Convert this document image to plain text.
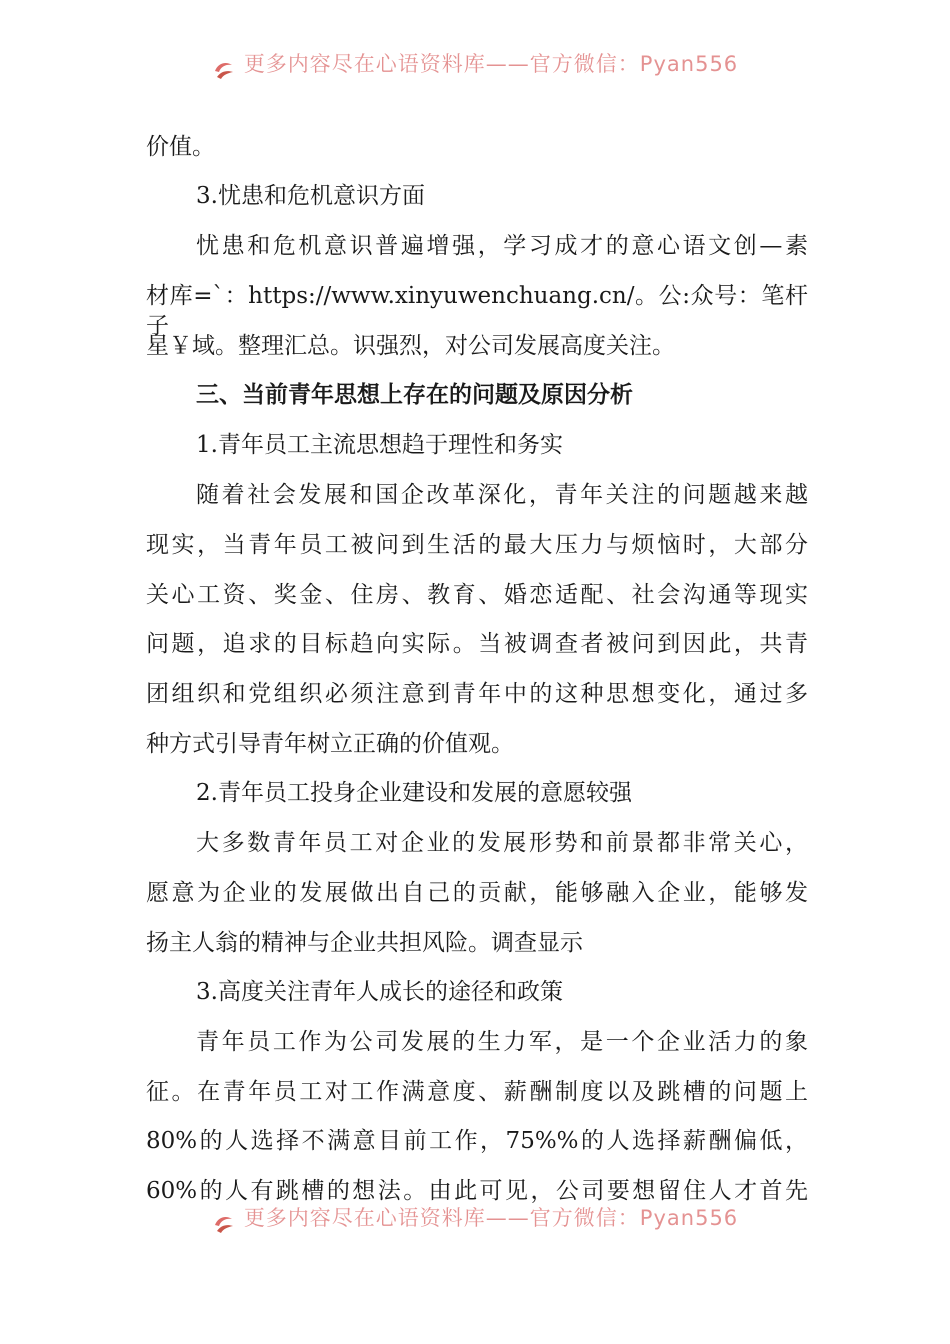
更多内容尽在心语资料库——官方微信：Pyan556
价值。
3.忧患和危机意识方面
忧患和危机意识普遍增强，学习成才的意心语文创—素
材库=`：https://www.xinyuwenchuang.cn/。公:众号：笔杆子
星￥域。整理汇总。识强烈，对公司发展高度关注。
三、当前青年思想上存在的问题及原因分析
1.青年员工主流思想趋于理性和务实
随着社会发展和国企改革深化，青年关注的问题越来越
现实，当青年员工被问到生活的最大压力与烦恼时，大部分
关心工资、奖金、住房、教育、婚恋适配、社会沟通等现实
问题，追求的目标趋向实际。当被调查者被问到因此，共青
团组织和党组织必须注意到青年中的这种思想变化，通过多
种方式引导青年树立正确的价值观。
2.青年员工投身企业建设和发展的意愿较强
大多数青年员工对企业的发展形势和前景都非常关心，
愿意为企业的发展做出自己的贡献，能够融入企业，能够发
扬主人翁的精神与企业共担风险。调查显示
3.高度关注青年人成长的途径和政策
青年员工作为公司发展的生力军，是一个企业活力的象
征。在青年员工对工作满意度、薪酬制度以及跳槽的问题上
80%的人选择不满意目前工作，75%%的人选择薪酬偏低，
60%的人有跳槽的想法。由此可见，公司要想留住人才首先
更多内容尽在心语资料库——官方微信：Pyan556
